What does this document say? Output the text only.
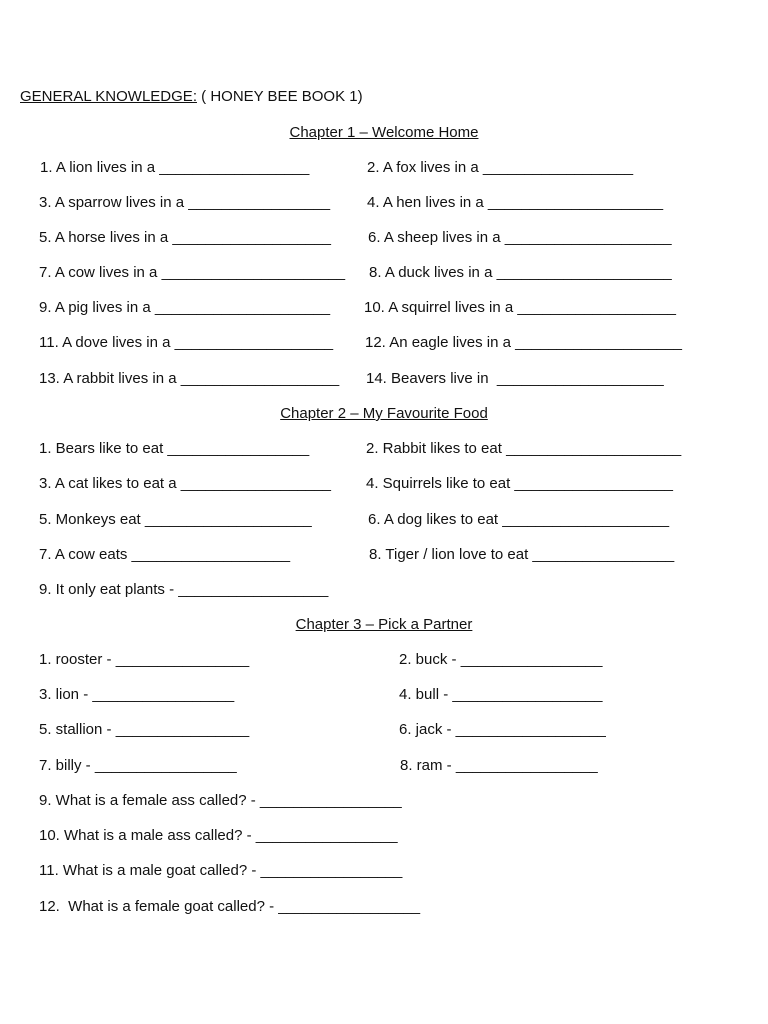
GENERAL KNOWLEDGE: ( HONEY BEE BOOK 1)
Chapter 1 – Welcome Home
1. A lion lives in a __________________	2. A fox lives in a __________________
3. A sparrow lives in a _________________ 4. A hen lives in a _____________________
5. A horse lives in a ___________________ 6. A sheep lives in a ____________________
7. A cow lives in a ______________________ 8. A duck lives in a _____________________
9. A pig lives in a _____________________ 10. A squirrel lives in a ___________________
11. A dove lives in a ___________________ 12. An eagle lives in a ____________________
13. A rabbit lives in a ___________________ 14. Beavers live in  ____________________
Chapter 2 – My Favourite Food
1. Bears like to eat _________________	2. Rabbit likes to eat _____________________
3. A cat likes to eat a __________________ 4. Squirrels like to eat ___________________
5. Monkeys eat ____________________	6. A dog likes to eat ____________________
7. A cow eats ___________________	8. Tiger / lion love to eat _________________
9. It only eat plants - __________________
Chapter 3 – Pick a Partner
1. rooster - ________________	2. buck - _________________
3. lion - _________________	4. bull - __________________
5. stallion - ________________	6. jack - __________________
7. billy - _________________	8. ram - _________________
9. What is a female ass called? - _________________
10. What is a male ass called? - _________________
11. What is a male goat called? - _________________
12.  What is a female goat called? - _________________
